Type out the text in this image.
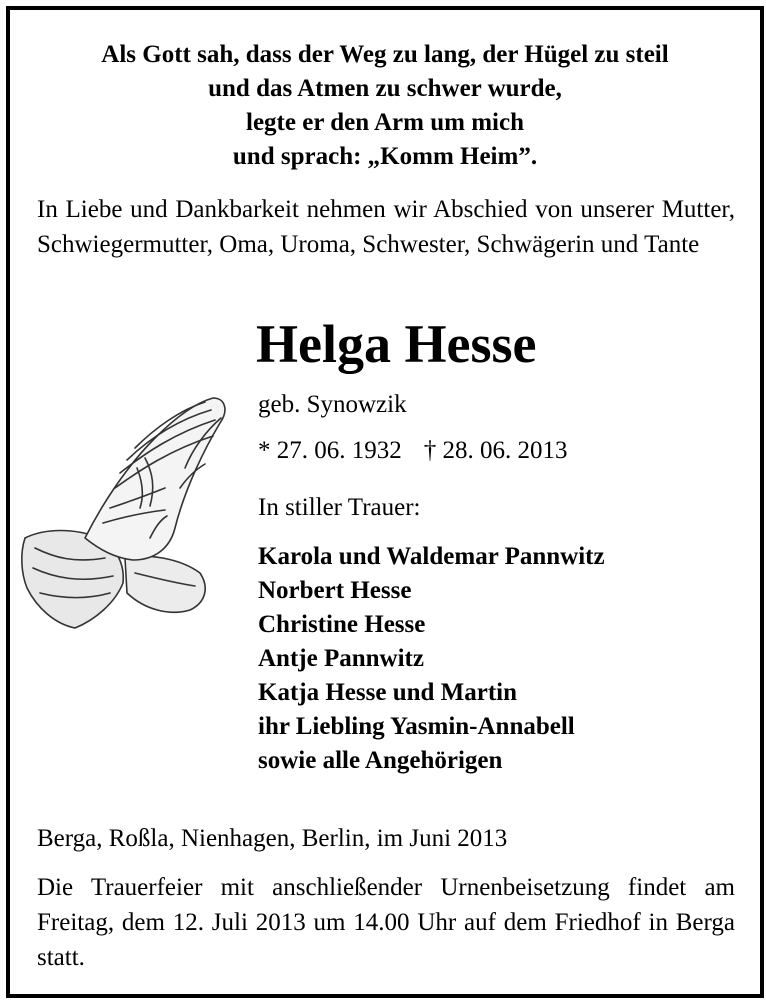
Als Gott sah, dass der Weg zu lang, der Hügel zu steil
und das Atmen zu schwer wurde,
legte er den Arm um mich
und sprach: „Komm Heim”.
In Liebe und Dankbarkeit nehmen wir Abschied von unserer Mutter, Schwiegermutter, Oma, Uroma, Schwester, Schwägerin und Tante
Helga Hesse
geb. Synowzik
* 27. 06. 1932 † 28. 06. 2013
In stiller Trauer:
Karola und Waldemar Pannwitz
Norbert Hesse
Christine Hesse
Antje Pannwitz
Katja Hesse und Martin
ihr Liebling Yasmin-Annabell
sowie alle Angehörigen
Berga, Roßla, Nienhagen, Berlin, im Juni 2013
Die Trauerfeier mit anschließender Urnenbeisetzung findet am Freitag, dem 12. Juli 2013 um 14.00 Uhr auf dem Friedhof in Berga statt.
